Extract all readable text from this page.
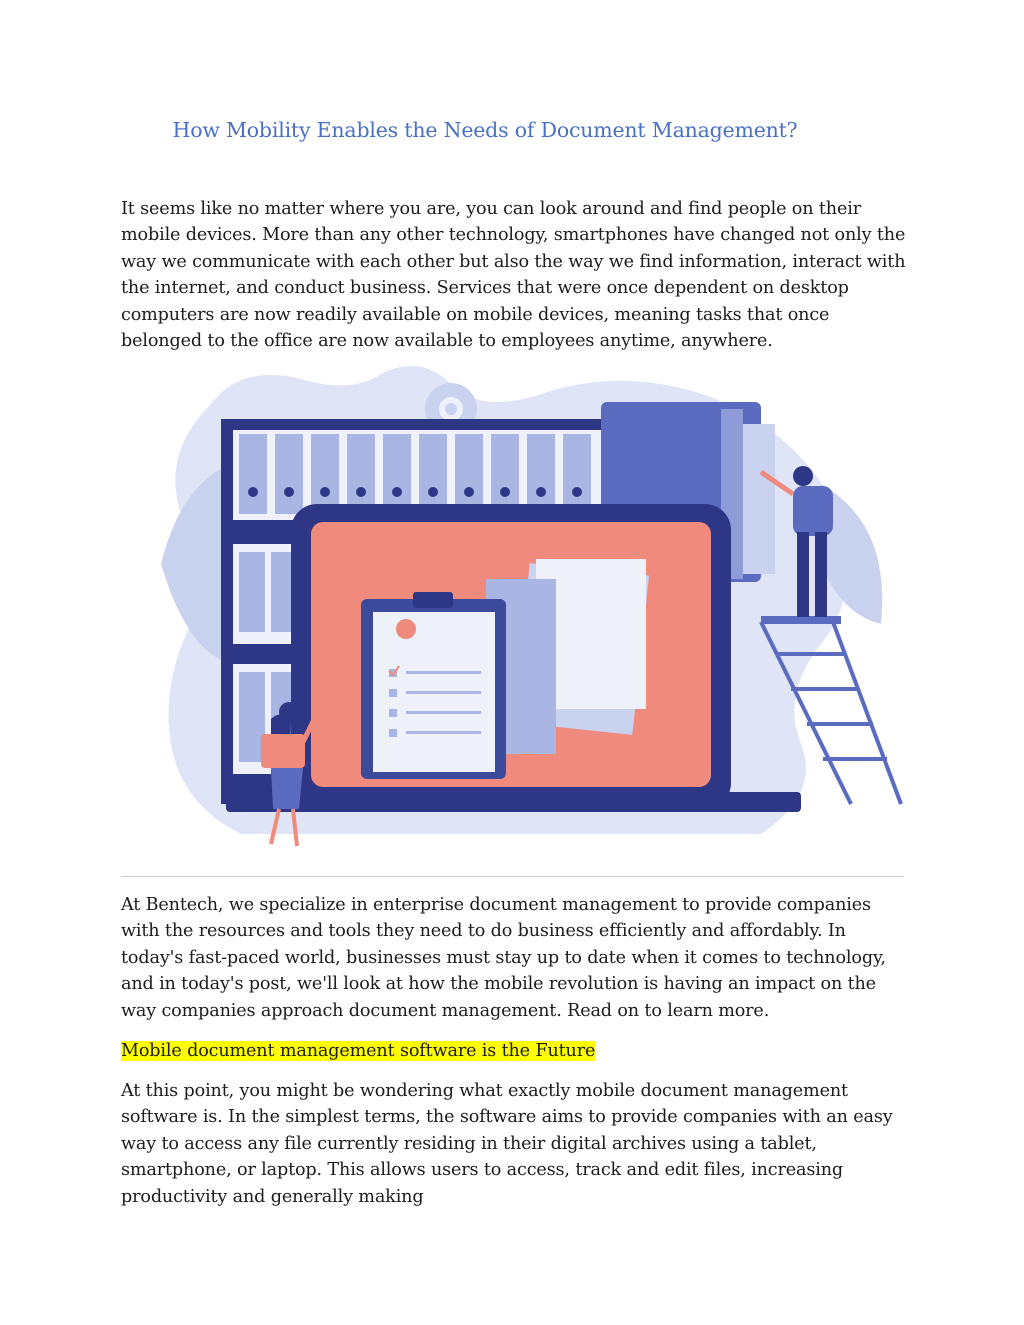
How Mobility Enables the Needs of Document Management?

It seems like no matter where you are, you can look around and find people on their mobile devices. More than any other technology, smartphones have changed not only the way we communicate with each other but also the way we find information, interact with the internet, and conduct business. Services that were once dependent on desktop computers are now readily available on mobile devices, meaning tasks that once belonged to the office are now available to employees anytime, anywhere.

At Bentech, we specialize in enterprise document management to provide companies with the resources and tools they need to do business efficiently and affordably. In today's fast-paced world, businesses must stay up to date when it comes to technology, and in today's post, we'll look at how the mobile revolution is having an impact on the way companies approach document management. Read on to learn more.

Mobile document management software is the Future

At this point, you might be wondering what exactly mobile document management software is. In the simplest terms, the software aims to provide companies with an easy way to access any file currently residing in their digital archives using a tablet, smartphone, or laptop. This allows users to access, track and edit files, increasing productivity and generally making
